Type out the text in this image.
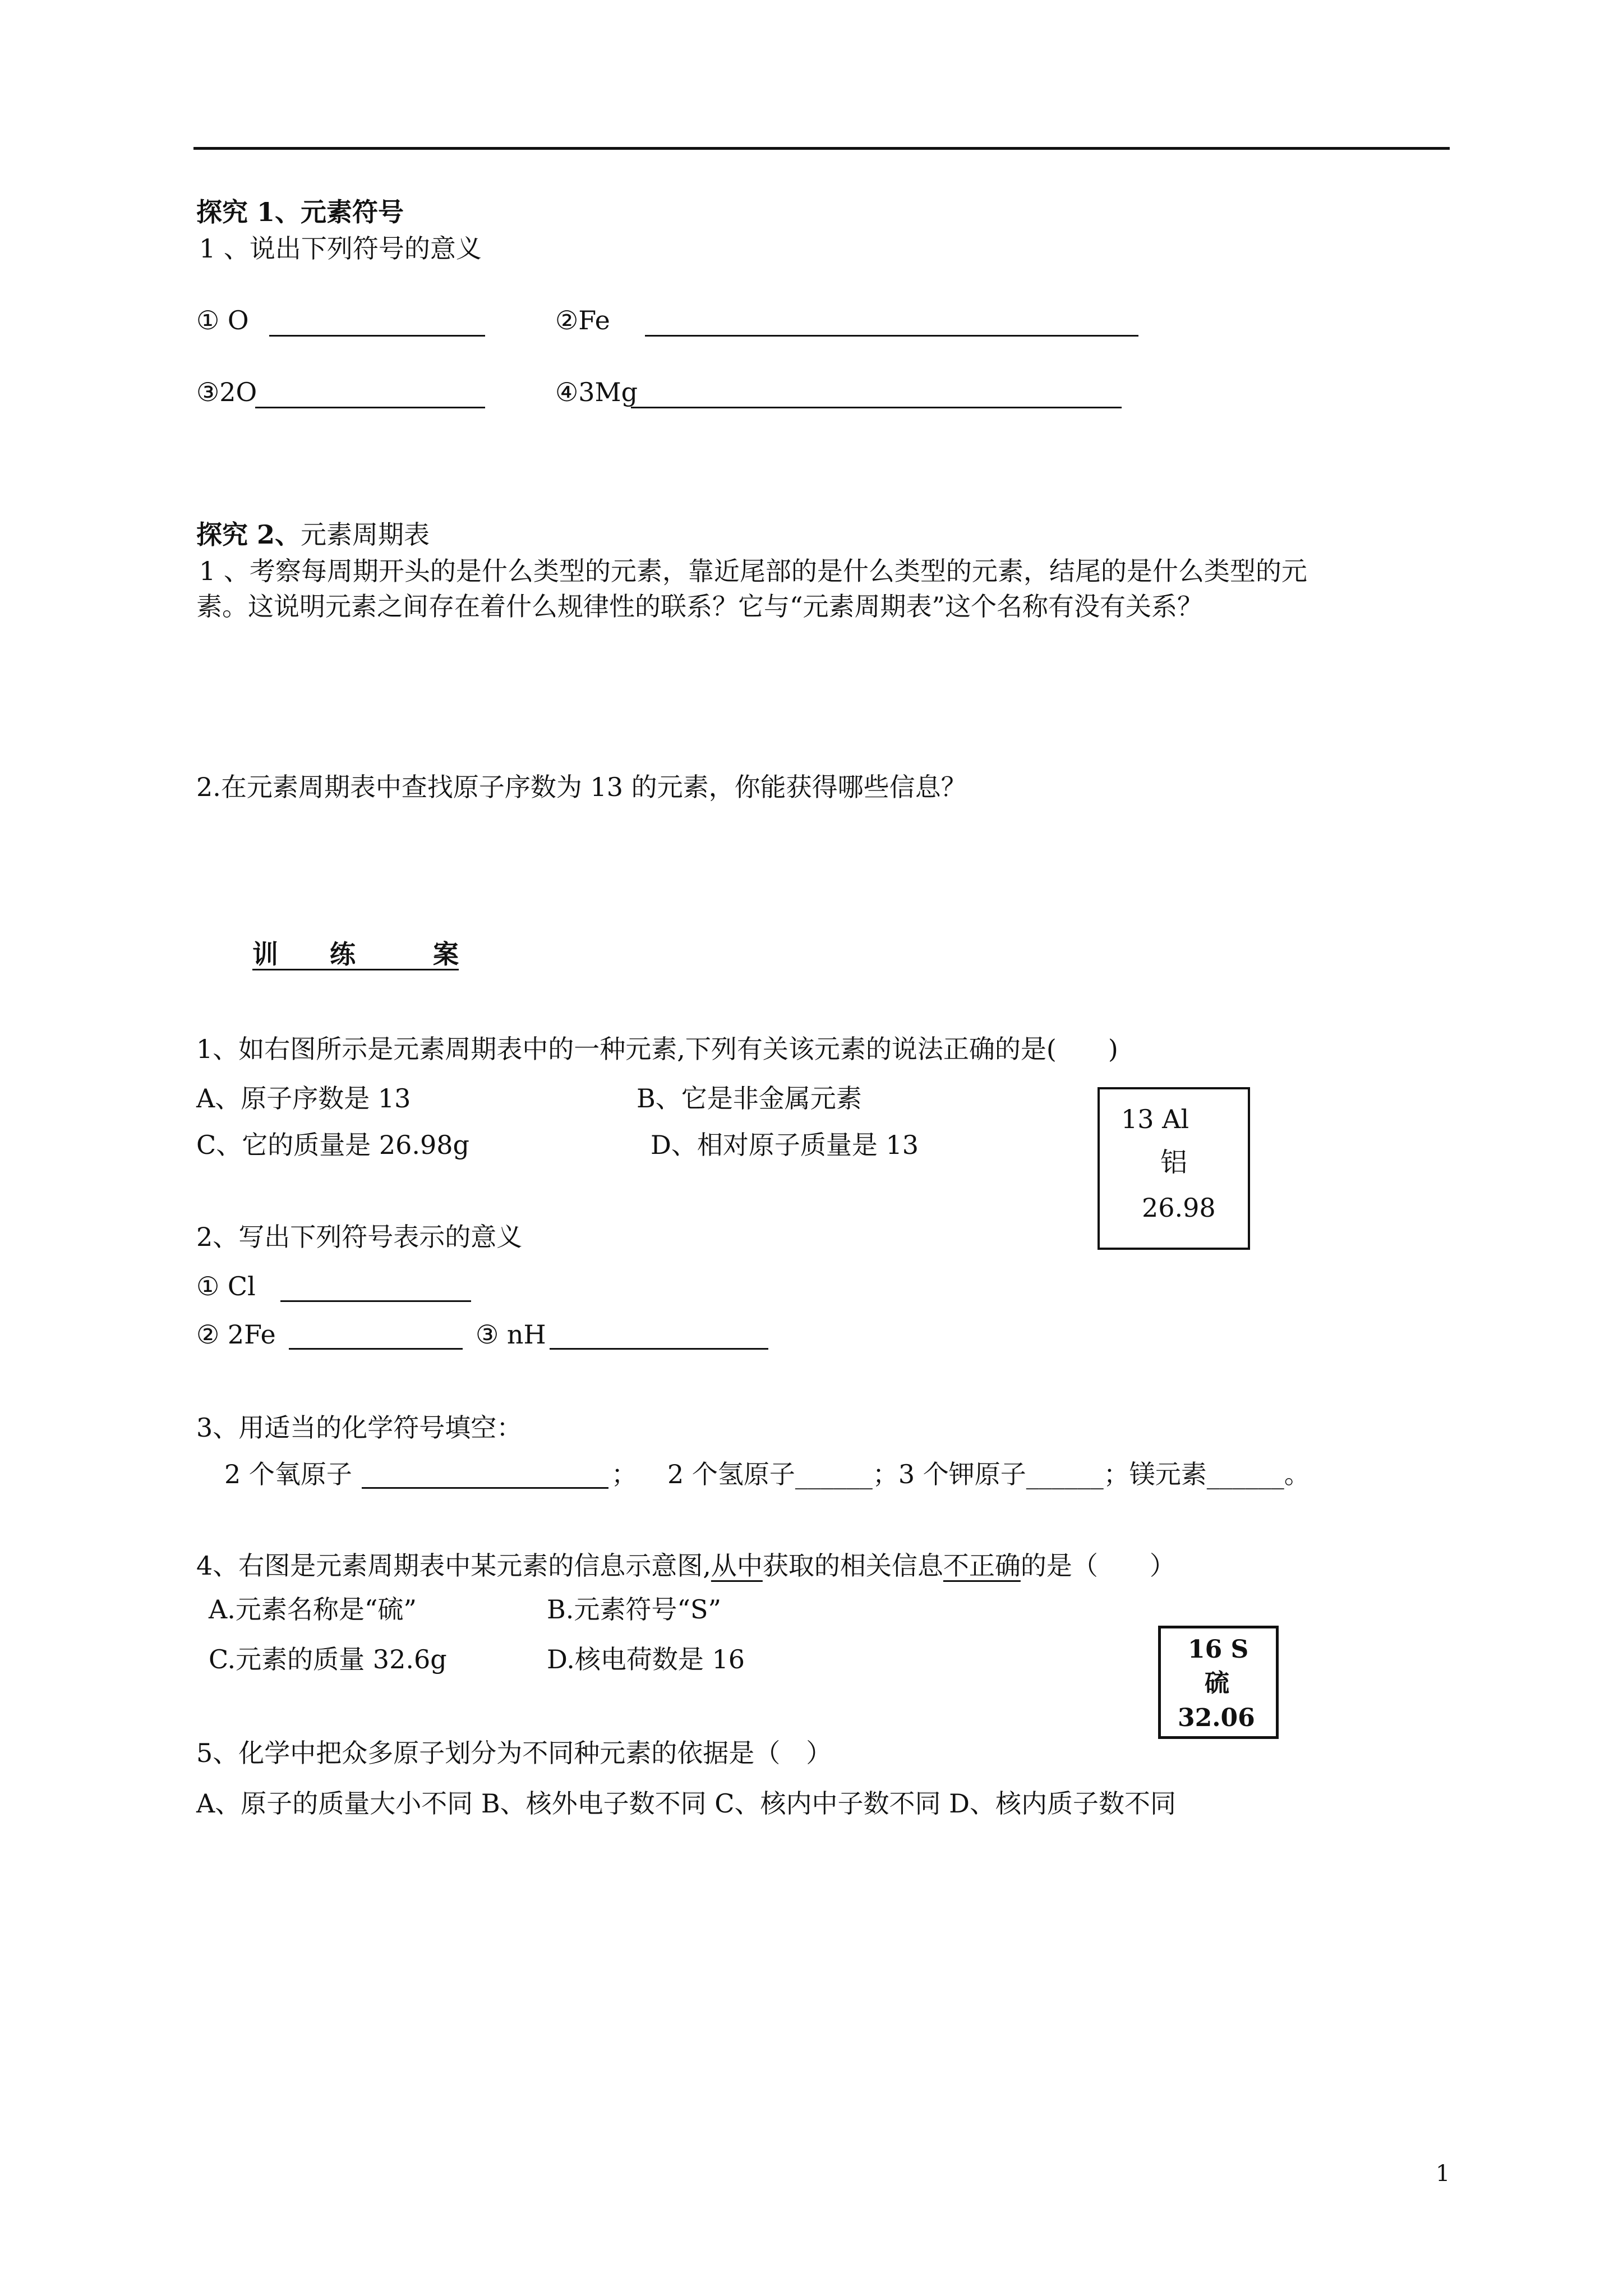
探究 1、元素符号
1 、说出下列符号的意义
① O	②Fe
③2O	④3Mg
探究 2、元素周期表
1 、考察每周期开头的是什么类型的元素，靠近尾部的是什么类型的元素，结尾的是什么类型的元
素。这说明元素之间存在着什么规律性的联系？它与“元素周期表”这个名称有没有关系？
2.在元素周期表中查找原子序数为 13 的元素，你能获得哪些信息？
训　　练　　　案
1、如右图所示是元素周期表中的一种元素,下列有关该元素的说法正确的是(　　)
A、原子序数是 13	B、它是非金属元素
C、它的质量是 26.98g	D、相对原子质量是 13
13 Al
铝
26.98
2、写出下列符号表示的意义
① Cl
② 2Fe	③ nH
3、用适当的化学符号填空：
2 个氧原子	； 2 个氢原子______；3 个钾原子______；镁元素______。
4、右图是元素周期表中某元素的信息示意图,从中获取的相关信息不正确的是（　　）
A.元素名称是“硫”	B.元素符号“S”
C.元素的质量 32.6g	D.核电荷数是 16	16 S
硫
32.06
5、化学中把众多原子划分为不同种元素的依据是（　）
A、原子的质量大小不同 B、核外电子数不同 C、核内中子数不同 D、核内质子数不同
1
